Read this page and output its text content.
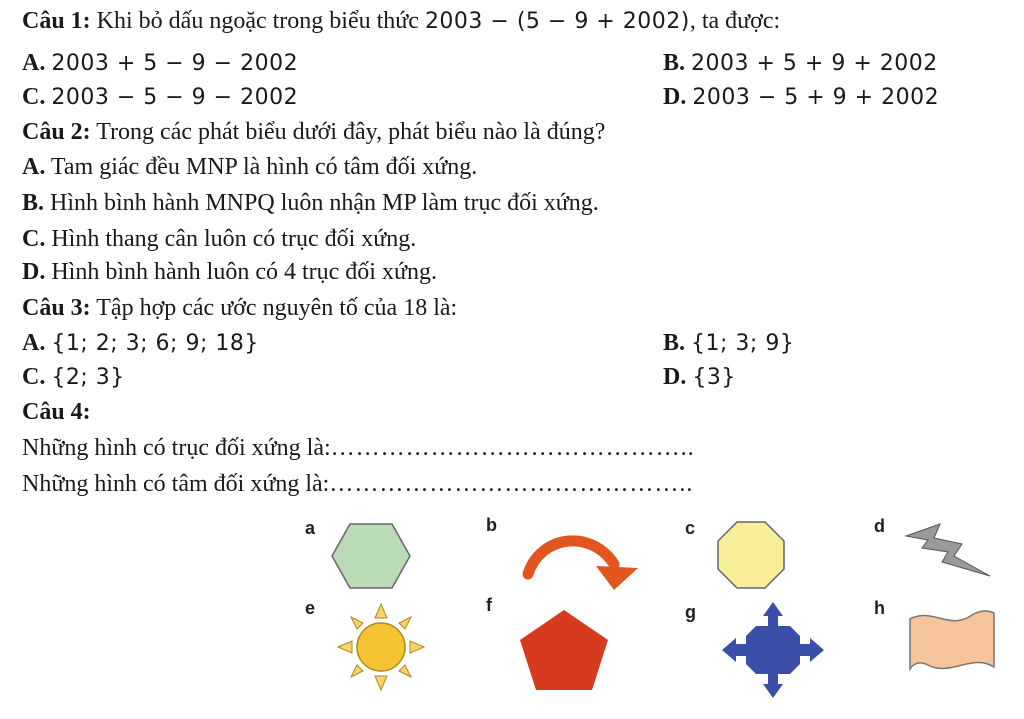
Câu 1: Khi bỏ dấu ngoặc trong biểu thức 2003 − (5 − 9 + 2002), ta được:
A. 2003 + 5 − 9 − 2002	B. 2003 + 5 + 9 + 2002
C. 2003 − 5 − 9 − 2002	D. 2003 − 5 + 9 + 2002
Câu 2: Trong các phát biểu dưới đây, phát biểu nào là đúng?
A. Tam giác đều MNP là hình có tâm đối xứng.
B. Hình bình hành MNPQ luôn nhận MP làm trục đối xứng.
C. Hình thang cân luôn có trục đối xứng.
D. Hình bình hành luôn có 4 trục đối xứng.
Câu 3: Tập hợp các ước nguyên tố của 18 là:
A. {1; 2; 3; 6; 9; 18}	B. {1; 3; 9}
C. {2; 3}	D. {3}
Câu 4:
Những hình có trục đối xứng là:……………………………………..
Những hình có tâm đối xứng là:……………………………………..
a	b	c	d
e	f	g	h
